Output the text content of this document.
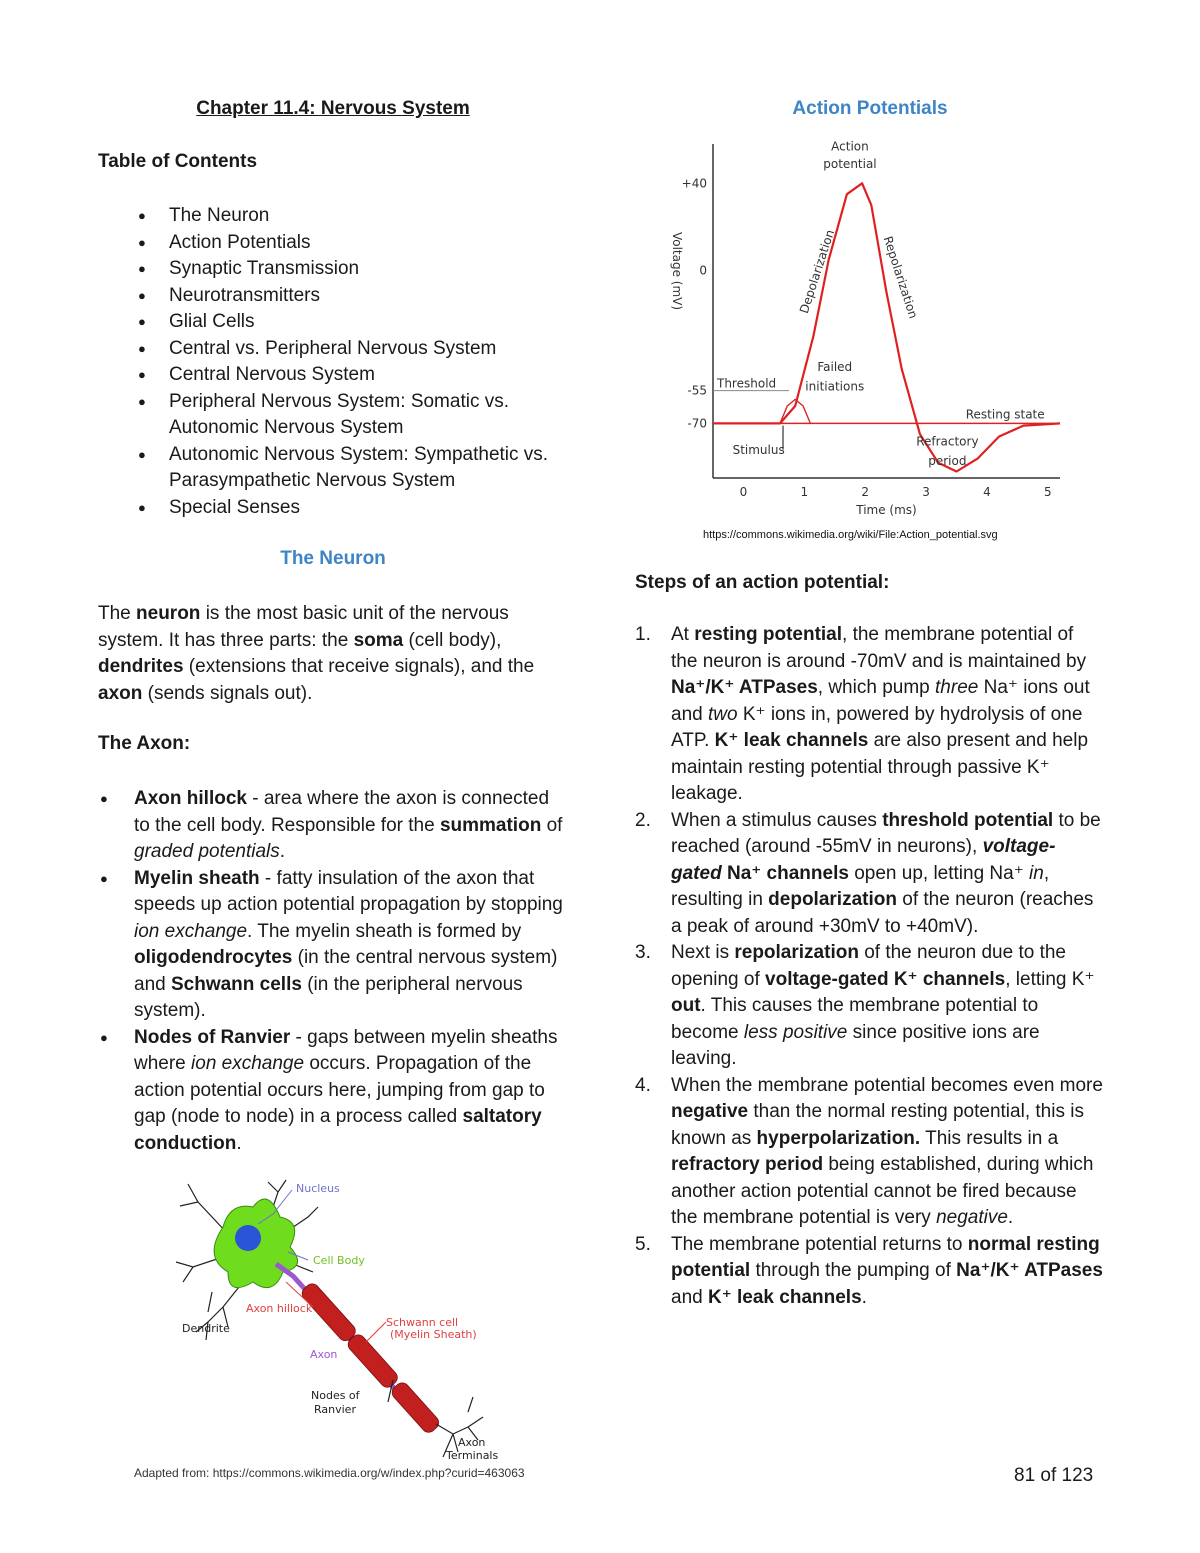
Chapter 11.4: Nervous System
Table of Contents
● The Neuron
● Action Potentials
● Synaptic Transmission
● Neurotransmitters
● Glial Cells
● Central vs. Peripheral Nervous System
● Central Nervous System
● Peripheral Nervous System: Somatic vs. Autonomic Nervous System
● Autonomic Nervous System: Sympathetic vs. Parasympathetic Nervous System
● Special Senses
The Neuron
The neuron is the most basic unit of the nervous system. It has three parts: the soma (cell body), dendrites (extensions that receive signals), and the axon (sends signals out).
The Axon:
● Axon hillock - area where the axon is connected to the cell body. Responsible for the summation of graded potentials.
● Myelin sheath - fatty insulation of the axon that speeds up action potential propagation by stopping ion exchange. The myelin sheath is formed by oligodendrocytes (in the central nervous system) and Schwann cells (in the peripheral nervous system).
● Nodes of Ranvier - gaps between myelin sheaths where ion exchange occurs. Propagation of the action potential occurs here, jumping from gap to gap (node to node) in a process called saltatory conduction.
Nucleus
Cell Body
Axon hillock
Dendrite	Schwann cell
(Myelin Sheath)
Axon
Nodes of
Ranvier
Axon
Terminals
Adapted from: https://commons.wikimedia.org/w/index.php?curid=463063
Action Potentials
+40
0
-55
-70
0	1	2	3	4	5
Time (ms)
Voltage (mV)
Action
potential
Depolarization	Repolarization
Threshold
Failed
initiations
Resting state
Stimulus
Refractory
period
https://commons.wikimedia.org/wiki/File:Action_potential.svg
Steps of an action potential:
1. At resting potential, the membrane potential of the neuron is around -70mV and is maintained by Na⁺/K⁺ ATPases, which pump three Na⁺ ions out and two K⁺ ions in, powered by hydrolysis of one ATP. K⁺ leak channels are also present and help maintain resting potential through passive K⁺ leakage.
2. When a stimulus causes threshold potential to be reached (around -55mV in neurons), voltage-gated Na⁺ channels open up, letting Na⁺ in, resulting in depolarization of the neuron (reaches a peak of around +30mV to +40mV).
3. Next is repolarization of the neuron due to the opening of voltage-gated K⁺ channels, letting K⁺ out. This causes the membrane potential to become less positive since positive ions are leaving.
4. When the membrane potential becomes even more negative than the normal resting potential, this is known as hyperpolarization. This results in a refractory period being established, during which another action potential cannot be fired because the membrane potential is very negative.
5. The membrane potential returns to normal resting potential through the pumping of Na⁺/K⁺ ATPases and K⁺ leak channels.
81 of 123
